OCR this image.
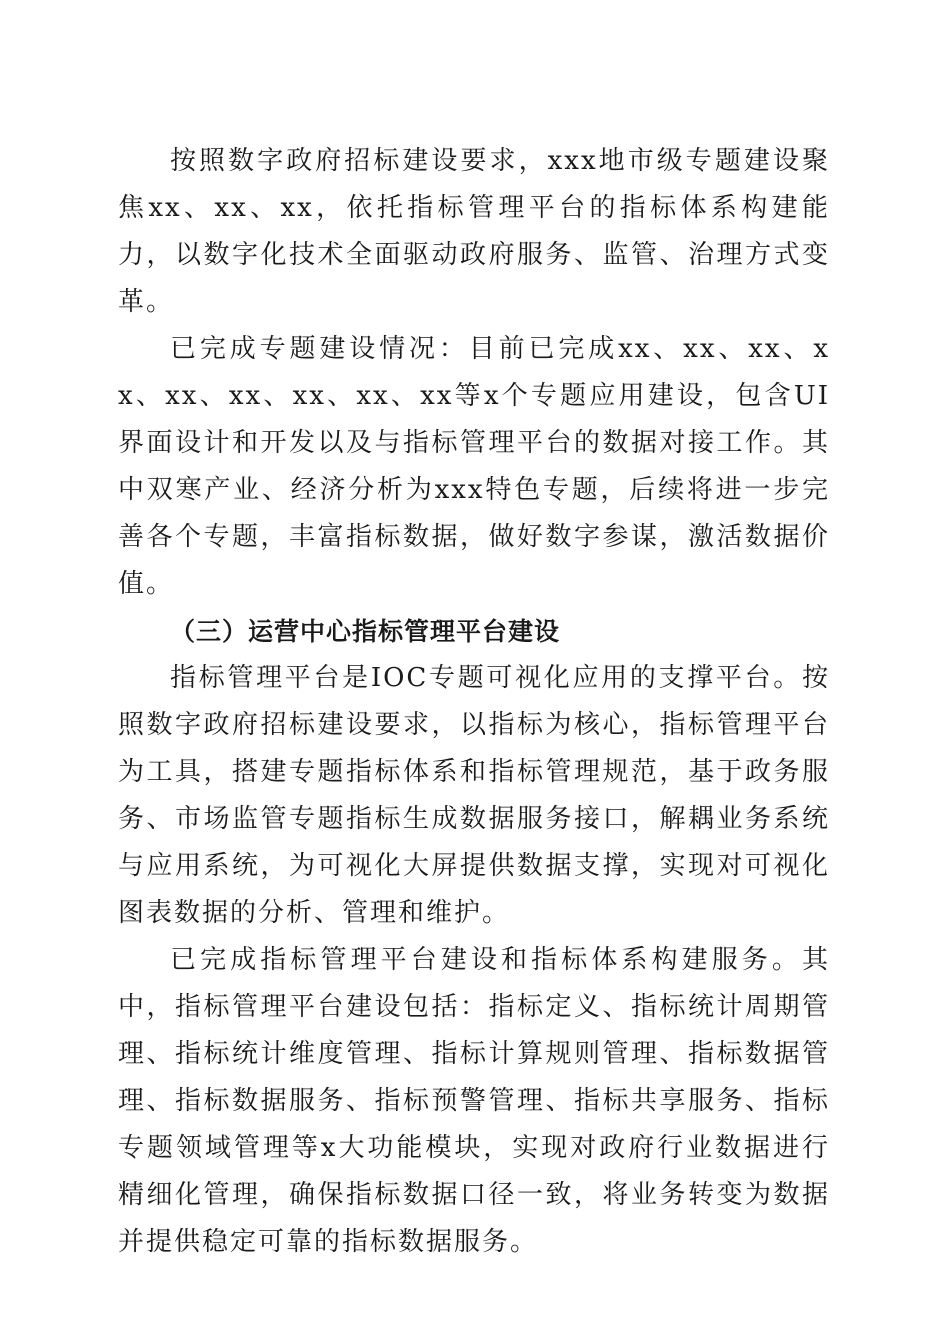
按照数字政府招标建设要求，xxx地市级专题建设聚焦xx、xx、xx，依托指标管理平台的指标体系构建能力，以数字化技术全面驱动政府服务、监管、治理方式变革。

已完成专题建设情况：目前已完成xx、xx、xx、xx、xx、xx、xx、xx、xx等x个专题应用建设，包含UI界面设计和开发以及与指标管理平台的数据对接工作。其中双寒产业、经济分析为xxx特色专题，后续将进一步完善各个专题，丰富指标数据，做好数字参谋，激活数据价值。

（三）运营中心指标管理平台建设

指标管理平台是IOC专题可视化应用的支撑平台。按照数字政府招标建设要求，以指标为核心，指标管理平台为工具，搭建专题指标体系和指标管理规范，基于政务服务、市场监管专题指标生成数据服务接口，解耦业务系统与应用系统，为可视化大屏提供数据支撑，实现对可视化图表数据的分析、管理和维护。

已完成指标管理平台建设和指标体系构建服务。其中，指标管理平台建设包括：指标定义、指标统计周期管理、指标统计维度管理、指标计算规则管理、指标数据管理、指标数据服务、指标预警管理、指标共享服务、指标专题领域管理等x大功能模块，实现对政府行业数据进行精细化管理，确保指标数据口径一致，将业务转变为数据并提供稳定可靠的指标数据服务。
